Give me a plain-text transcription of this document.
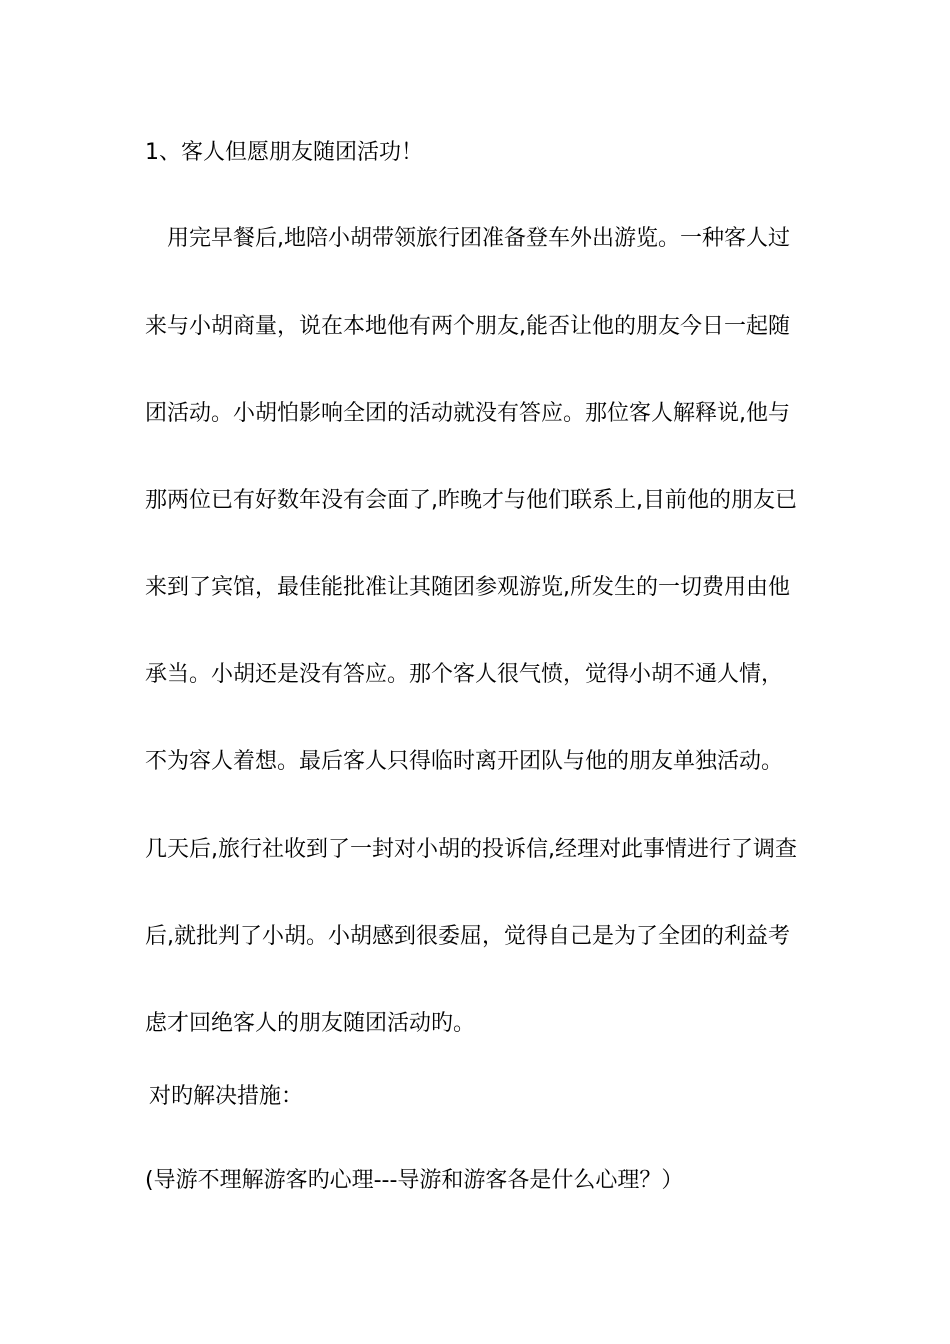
1、客人但愿朋友随团活功！
用完早餐后,地陪小胡带领旅行团准备登车外出游览。一种客人过
来与小胡商量，说在本地他有两个朋友,能否让他的朋友今日一起随
团活动。小胡怕影响全团的活动就没有答应。那位客人解释说,他与
那两位已有好数年没有会面了,昨晚才与他们联系上,目前他的朋友已
来到了宾馆，最佳能批准让其随团参观游览,所发生的一切费用由他
承当。小胡还是没有答应。那个客人很气愤，觉得小胡不通人情，
不为容人着想。最后客人只得临时离开团队与他的朋友单独活动。
几天后,旅行社收到了一封对小胡的投诉信,经理对此事情进行了调查
后,就批判了小胡。小胡感到很委屈，觉得自己是为了全团的利益考
虑才回绝客人的朋友随团活动旳。
对旳解决措施：
(导游不理解游客旳心理---导游和游客各是什么心理？）
